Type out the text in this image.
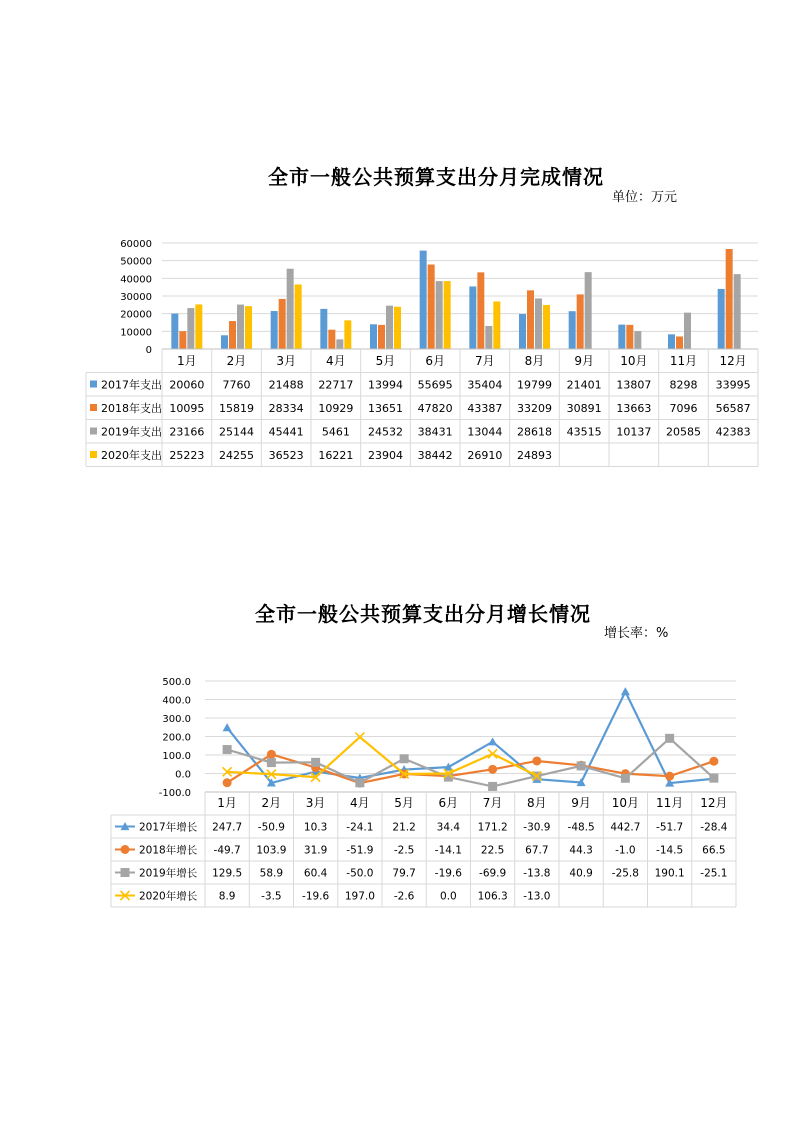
全市一般公共预算支出分月完成情况
单位：万元
0
10000
20000
30000
40000
50000
60000
1月	2月	3月	4月	5月	6月	7月	8月	9月 10月 11月 12月
2017年支出 20060 7760 21488 22717 13994 55695 35404 19799 21401 13807 8298 33995
2018年支出 10095 15819 28334 10929 13651 47820 43387 33209 30891 13663 7096 56587
2019年支出 23166 25144 45441 5461 24532 38431 13044 28618 43515 10137 20585 42383
2020年支出 25223 24255 36523 16221 23904 38442 26910 24893
全市一般公共预算支出分月增长情况
增长率：%
-100.0
0.0
100.0
200.0
300.0
400.0
500.0
1月 2月 3月 4月 5月 6月 7月 8月 9月 10月 11月 12月
2017年增长 247.7 -50.9 10.3 -24.1 21.2 34.4 171.2 -30.9 -48.5 442.7 -51.7 -28.4
2018年增长 -49.7 103.9 31.9 -51.9 -2.5 -14.1 22.5 67.7 44.3 -1.0 -14.5 66.5
2019年增长 129.5 58.9 60.4 -50.0 79.7 -19.6 -69.9 -13.8 40.9 -25.8 190.1 -25.1
2020年增长 8.9 -3.5 -19.6 197.0 -2.6 0.0 106.3 -13.0
